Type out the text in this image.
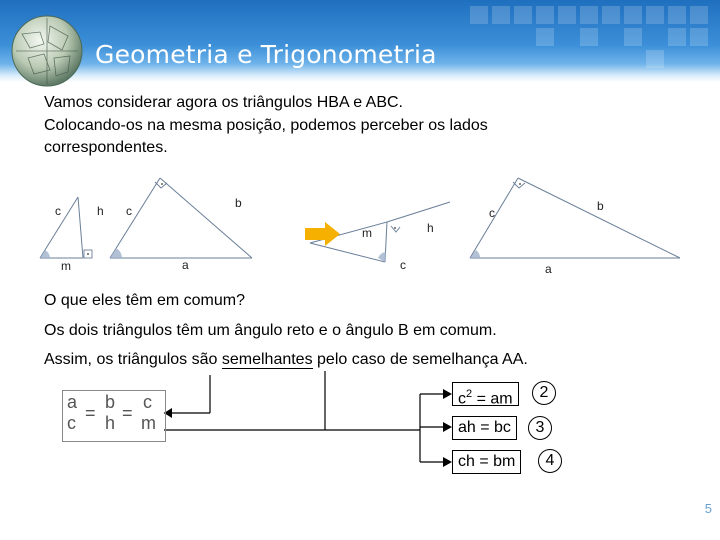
Geometria e Trigonometria
Vamos considerar agora os triângulos HBA e ABC.
Colocando-os na mesma posição, podemos perceber os lados
correspondentes.
c	h
m
c
b
a
m	h
c
c	b
a
O que eles têm em comum?
Os dois triângulos têm um ângulo reto e o ângulo B em comum.
Assim, os triângulos são semelhantes pelo caso de semelhança AA.
a
c =
b
h =
c
m
$c^2$ = am	2
ah = bc	3
ch = bm	4
5
